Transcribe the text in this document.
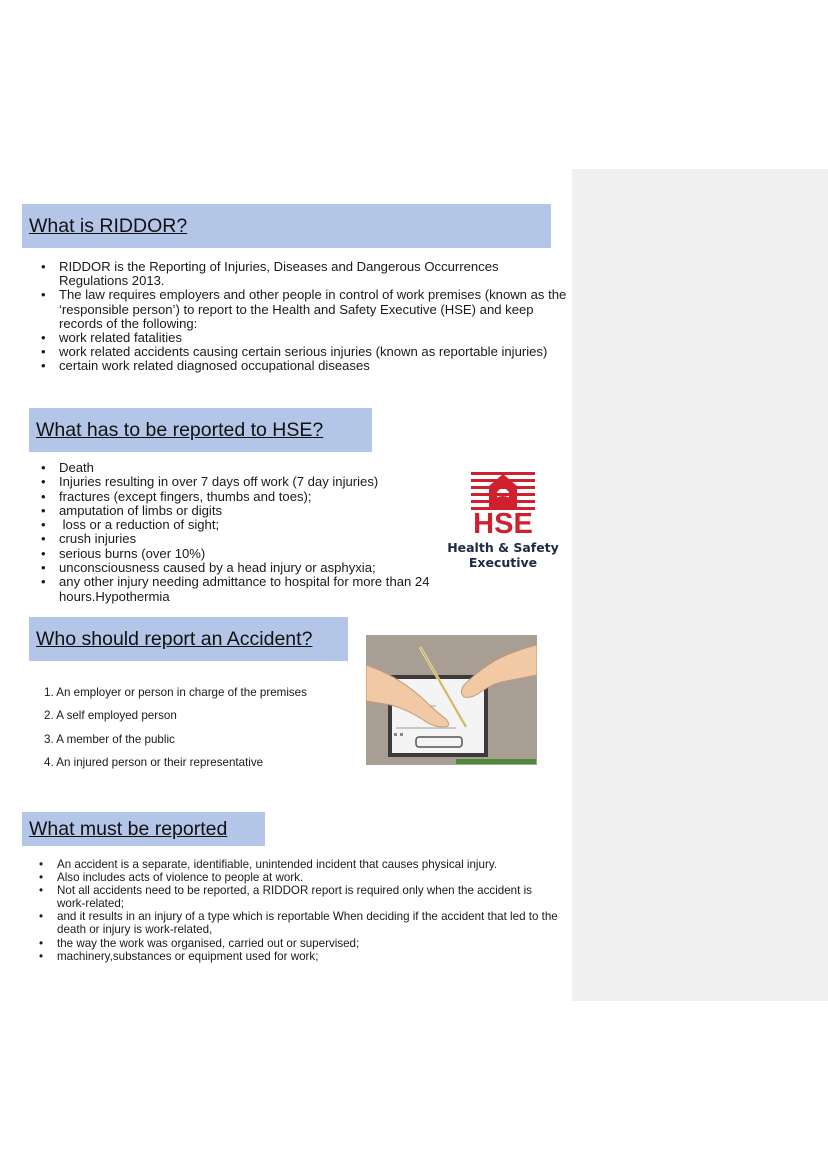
What is RIDDOR?
• RIDDOR is the Reporting of Injuries, Diseases and Dangerous Occurrences Regulations 2013.
• The law requires employers and other people in control of work premises (known as the ‘responsible person’) to report to the Health and Safety Executive (HSE) and keep records of the following:
• work related fatalities
• work related accidents causing certain serious injuries (known as reportable injuries)
• certain work related diagnosed occupational diseases
What has to be reported to HSE?
• Death
• Injuries resulting in over 7 days off work (7 day injuries)
• fractures (except fingers, thumbs and toes);
• amputation of limbs or digits
•  loss or a reduction of sight;
• crush injuries
• serious burns (over 10%)
• unconsciousness caused by a head injury or asphyxia;
• any other injury needing admittance to hospital for more than 24 hours.Hypothermia
HSE
Health & Safety
Executive
Who should report an Accident?
1. An employer or person in charge of the premises
2. A self employed person
3. A member of the public
4. An injured person or their representative
What must be reported
• An accident is a separate, identifiable, unintended incident that causes physical injury.
• Also includes acts of violence to people at work.
• Not all accidents need to be reported, a RIDDOR report is required only when the accident is work-related;
• and it results in an injury of a type which is reportable When deciding if the accident that led to the death or injury is work-related,
• the way the work was organised, carried out or supervised;
• machinery,substances or equipment used for work;
